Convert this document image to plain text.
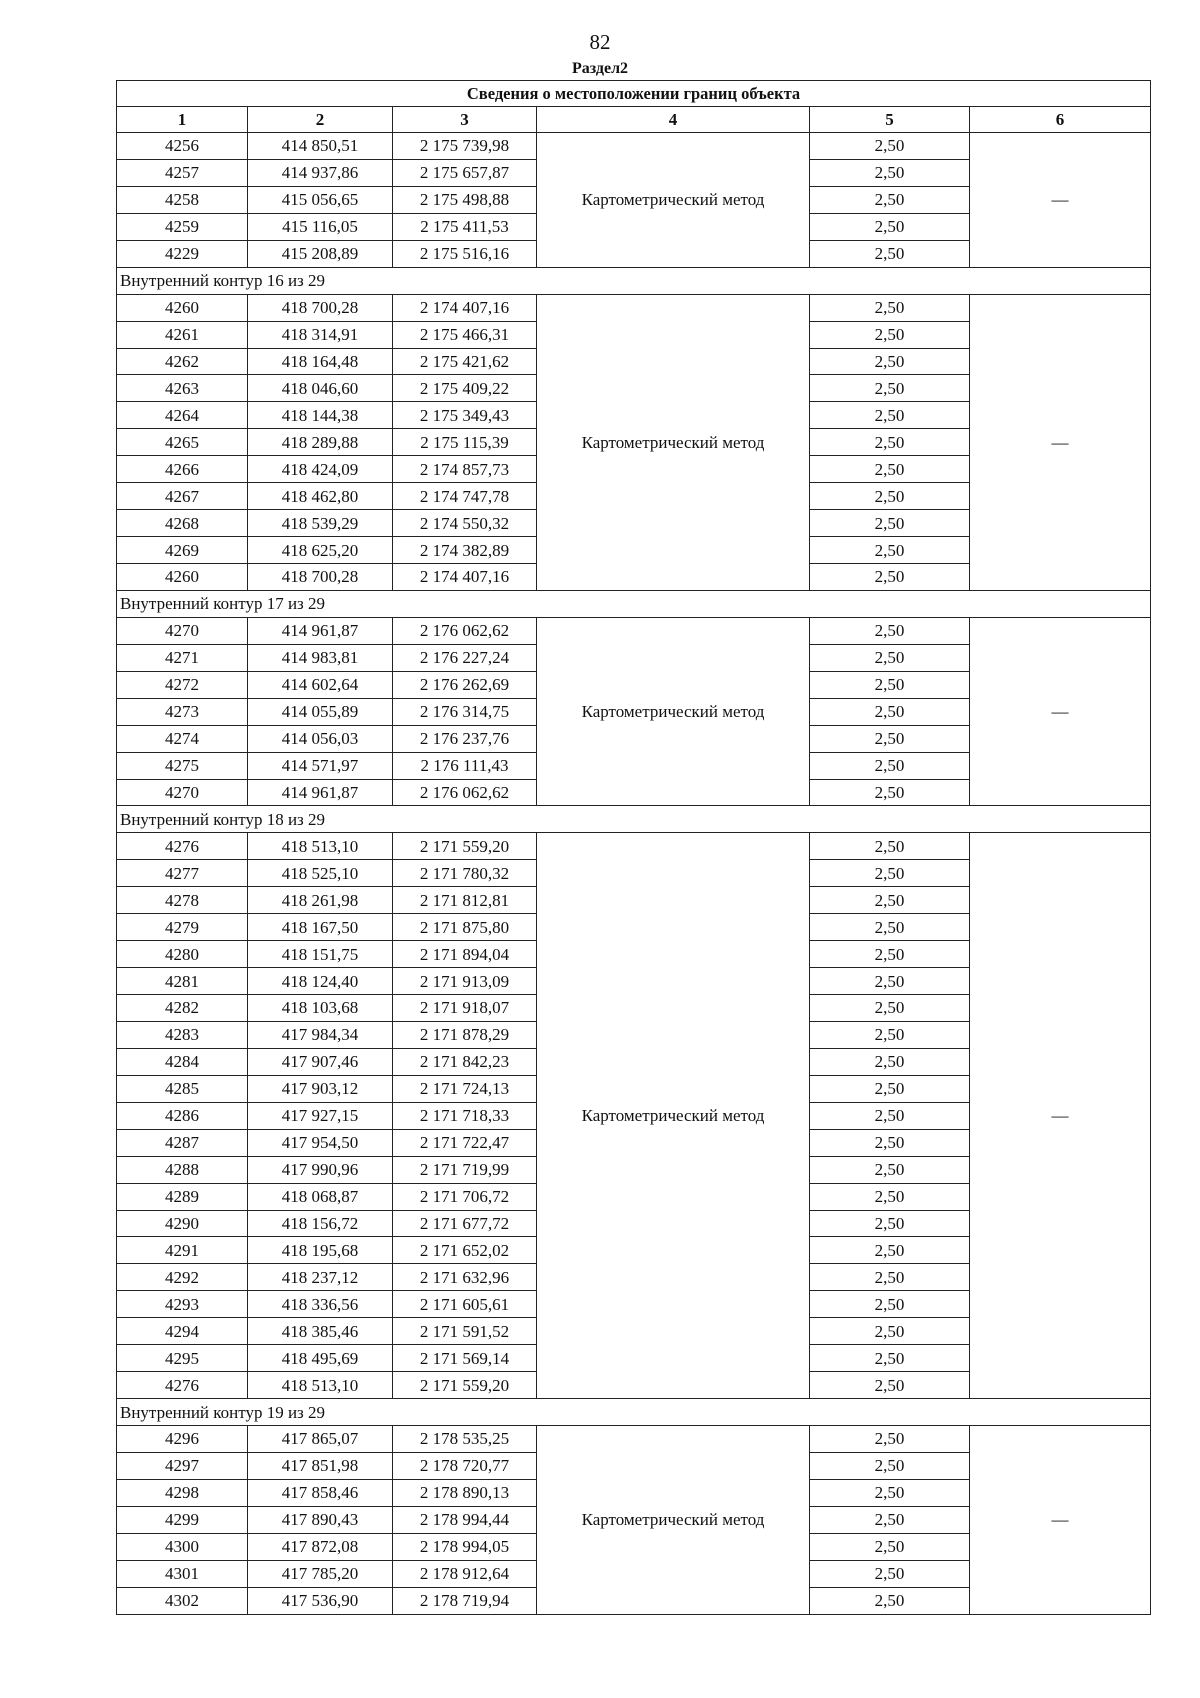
82
Раздел2
Сведения о местоположении границ объекта					
1	2	3	4	5	6
4256	414 850,51	2 175 739,98	Картометрический метод	2,50	—
4257	414 937,86	2 175 657,87		2,50	
4258	415 056,65	2 175 498,88		2,50	
4259	415 116,05	2 175 411,53		2,50	
4229	415 208,89	2 175 516,16		2,50	
Внутренний контур 16 из 29					
4260	418 700,28	2 174 407,16	Картометрический метод	2,50	—
4261	418 314,91	2 175 466,31		2,50	
4262	418 164,48	2 175 421,62		2,50	
4263	418 046,60	2 175 409,22		2,50	
4264	418 144,38	2 175 349,43		2,50	
4265	418 289,88	2 175 115,39		2,50	
4266	418 424,09	2 174 857,73		2,50	
4267	418 462,80	2 174 747,78		2,50	
4268	418 539,29	2 174 550,32		2,50	
4269	418 625,20	2 174 382,89		2,50	
4260	418 700,28	2 174 407,16		2,50	
Внутренний контур 17 из 29					
4270	414 961,87	2 176 062,62	Картометрический метод	2,50	—
4271	414 983,81	2 176 227,24		2,50	
4272	414 602,64	2 176 262,69		2,50	
4273	414 055,89	2 176 314,75		2,50	
4274	414 056,03	2 176 237,76		2,50	
4275	414 571,97	2 176 111,43		2,50	
4270	414 961,87	2 176 062,62		2,50	
Внутренний контур 18 из 29					
4276	418 513,10	2 171 559,20	Картометрический метод	2,50	—
4277	418 525,10	2 171 780,32		2,50	
4278	418 261,98	2 171 812,81		2,50	
4279	418 167,50	2 171 875,80		2,50	
4280	418 151,75	2 171 894,04		2,50	
4281	418 124,40	2 171 913,09		2,50	
4282	418 103,68	2 171 918,07		2,50	
4283	417 984,34	2 171 878,29		2,50	
4284	417 907,46	2 171 842,23		2,50	
4285	417 903,12	2 171 724,13		2,50	
4286	417 927,15	2 171 718,33		2,50	
4287	417 954,50	2 171 722,47		2,50	
4288	417 990,96	2 171 719,99		2,50	
4289	418 068,87	2 171 706,72		2,50	
4290	418 156,72	2 171 677,72		2,50	
4291	418 195,68	2 171 652,02		2,50	
4292	418 237,12	2 171 632,96		2,50	
4293	418 336,56	2 171 605,61		2,50	
4294	418 385,46	2 171 591,52		2,50	
4295	418 495,69	2 171 569,14		2,50	
4276	418 513,10	2 171 559,20		2,50	
Внутренний контур 19 из 29					
4296	417 865,07	2 178 535,25	Картометрический метод	2,50	—
4297	417 851,98	2 178 720,77		2,50	
4298	417 858,46	2 178 890,13		2,50	
4299	417 890,43	2 178 994,44		2,50	
4300	417 872,08	2 178 994,05		2,50	
4301	417 785,20	2 178 912,64		2,50	
4302	417 536,90	2 178 719,94		2,50	
